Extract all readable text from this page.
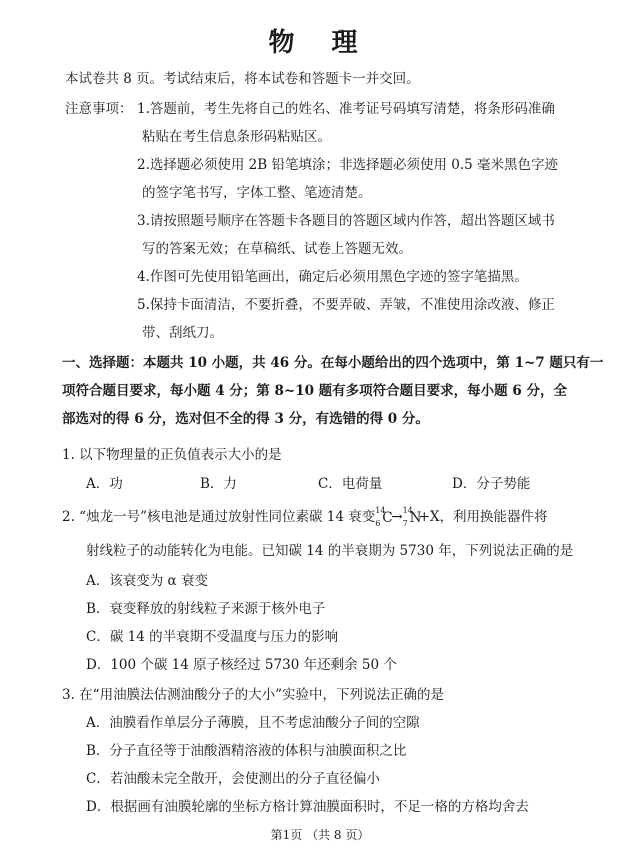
物 理
本试卷共 8 页。考试结束后，将本试卷和答题卡一并交回。
注意事项： 1.答题前，考生先将自己的姓名、准考证号码填写清楚，将条形码准确
粘贴在考生信息条形码粘贴区。
2.选择题必须使用 2B 铅笔填涂；非选择题必须使用 0.5 毫米黑色字迹
的签字笔书写，字体工整、笔迹清楚。
3.请按照题号顺序在答题卡各题目的答题区域内作答，超出答题区域书
写的答案无效；在草稿纸、试卷上答题无效。
4.作图可先使用铅笔画出，确定后必须用黑色字迹的签字笔描黑。
5.保持卡面清洁，不要折叠，不要弄破、弄皱，不准使用涂改液、修正
带、刮纸刀。
一、选择题：本题共 10 小题，共 46 分。在每小题给出的四个选项中，第 1~7 题只有一
项符合题目要求，每小题 4 分；第 8~10 题有多项符合题目要求，每小题 6 分，全
部选对的得 6 分，选对但不全的得 3 分，有选错的得 0 分。
1. 以下物理量的正负值表示大小的是
A．功	B．力	C．电荷量	D．分子势能
2. “烛龙一号”核电池是通过放射性同位素碳 14 衰变 14
6 C
→ 14
7 N
+X，利用换能器件将
射线粒子的动能转化为电能。已知碳 14 的半衰期为 5730 年，下列说法正确的是
A．该衰变为 α 衰变
B．衰变释放的射线粒子来源于核外电子
C．碳 14 的半衰期不受温度与压力的影响
D．100 个碳 14 原子核经过 5730 年还剩余 50 个
3. 在“用油膜法估测油酸分子的大小”实验中，下列说法正确的是
A．油膜看作单层分子薄膜，且不考虑油酸分子间的空隙
B．分子直径等于油酸酒精溶液的体积与油膜面积之比
C．若油酸未完全散开，会使测出的分子直径偏小
D．根据画有油膜轮廓的坐标方格计算油膜面积时，不足一格的方格均舍去
第1页 （共 8 页）
